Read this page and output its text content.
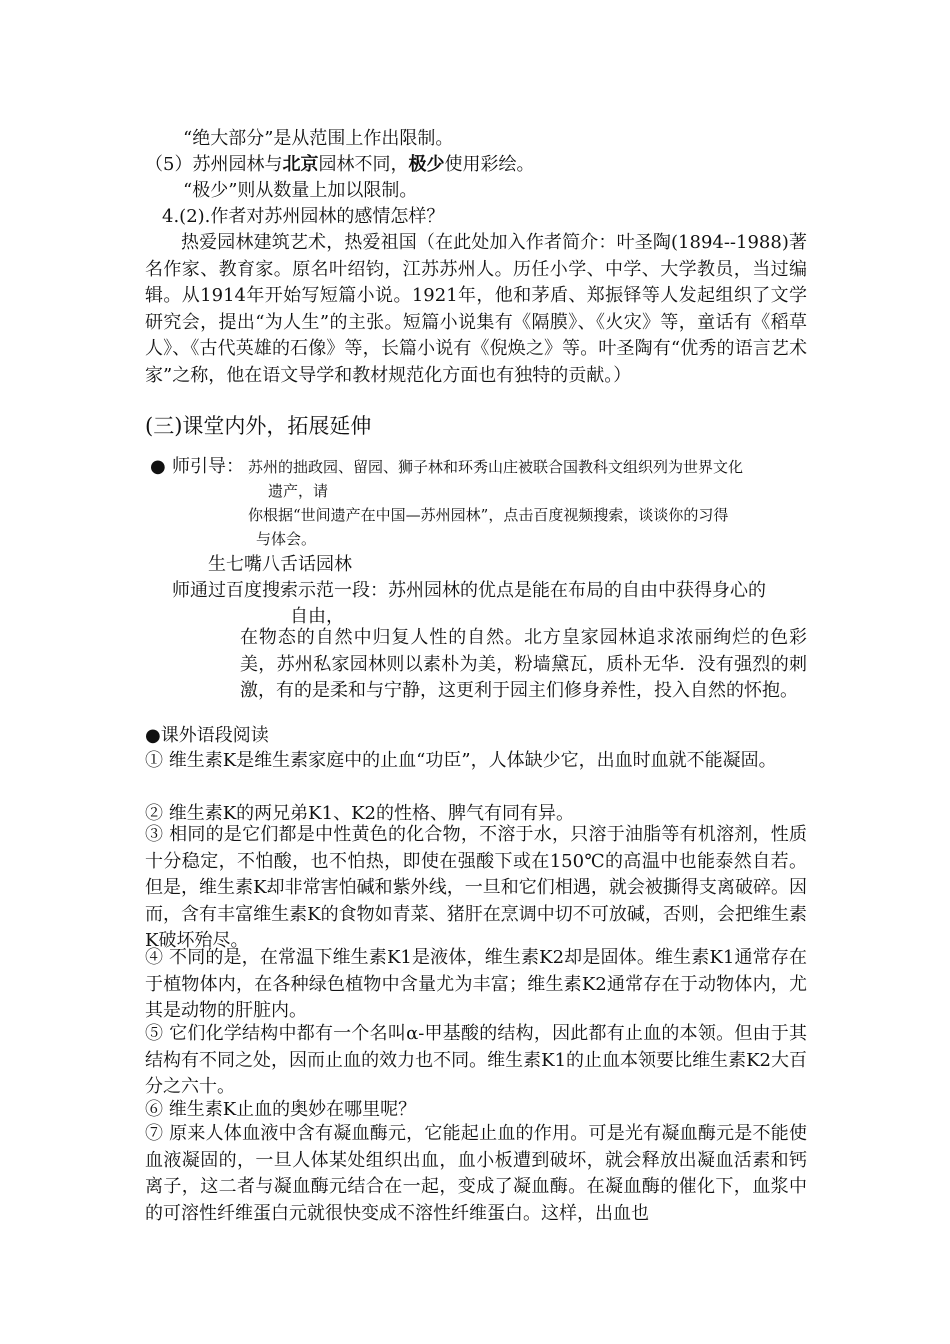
“绝大部分”是从范围上作出限制。
（5）苏州园林与北京园林不同，极少使用彩绘。
“极少”则从数量上加以限制。
4.(2).作者对苏州园林的感情怎样？
热爱园林建筑艺术，热爱祖国（在此处加入作者简介：叶圣陶(1894--1988)著名作家、教育家。原名叶绍钧，江苏苏州人。历任小学、中学、大学教员，当过编辑。从1914年开始写短篇小说。1921年，他和茅盾、郑振铎等人发起组织了文学研究会，提出“为人生”的主张。短篇小说集有《隔膜》、《火灾》等，童话有《稻草人》、《古代英雄的石像》等，长篇小说有《倪焕之》等。叶圣陶有“优秀的语言艺术家”之称，他在语文导学和教材规范化方面也有独特的贡献。）
(三)课堂内外，拓展延伸
● 师引导： 苏州的拙政园、留园、狮子林和环秀山庄被联合国教科文组织列为世界文化
遗产，请
你根据“世间遗产在中国—苏州园林”，点击百度视频搜索，谈谈你的习得
与体会。
生七嘴八舌话园林
师通过百度搜索示范一段：苏州园林的优点是能在布局的自由中获得身心的
自由，
在物态的自然中归复人性的自然。北方皇家园林追求浓丽绚烂的色彩美，苏州私家园林则以素朴为美，粉墙黛瓦，质朴无华．没有强烈的刺激，有的是柔和与宁静，这更利于园主们修身养性，投入自然的怀抱。
●课外语段阅读
① 维生素K是维生素家庭中的止血“功臣”，人体缺少它，出血时血就不能凝固。
② 维生素K的两兄弟K1、K2的性格、脾气有同有异。
③ 相同的是它们都是中性黄色的化合物，不溶于水，只溶于油脂等有机溶剂，性质十分稳定，不怕酸，也不怕热，即使在强酸下或在150℃的高温中也能泰然自若。但是，维生素K却非常害怕碱和紫外线，一旦和它们相遇，就会被撕得支离破碎。因而，含有丰富维生素K的食物如青菜、猪肝在烹调中切不可放碱，否则，会把维生素K破坏殆尽。
④ 不同的是，在常温下维生素K1是液体，维生素K2却是固体。维生素K1通常存在于植物体内，在各种绿色植物中含量尤为丰富；维生素K2通常存在于动物体内，尤其是动物的肝脏内。
⑤ 它们化学结构中都有一个名叫α-甲基酸的结构，因此都有止血的本领。但由于其结构有不同之处，因而止血的效力也不同。维生素K1的止血本领要比维生素K2大百分之六十。
⑥ 维生素K止血的奥妙在哪里呢？
⑦ 原来人体血液中含有凝血酶元，它能起止血的作用。可是光有凝血酶元是不能使血液凝固的，一旦人体某处组织出血，血小板遭到破坏，就会释放出凝血活素和钙离子，这二者与凝血酶元结合在一起，变成了凝血酶。在凝血酶的催化下，血浆中的可溶性纤维蛋白元就很快变成不溶性纤维蛋白。这样，出血也
